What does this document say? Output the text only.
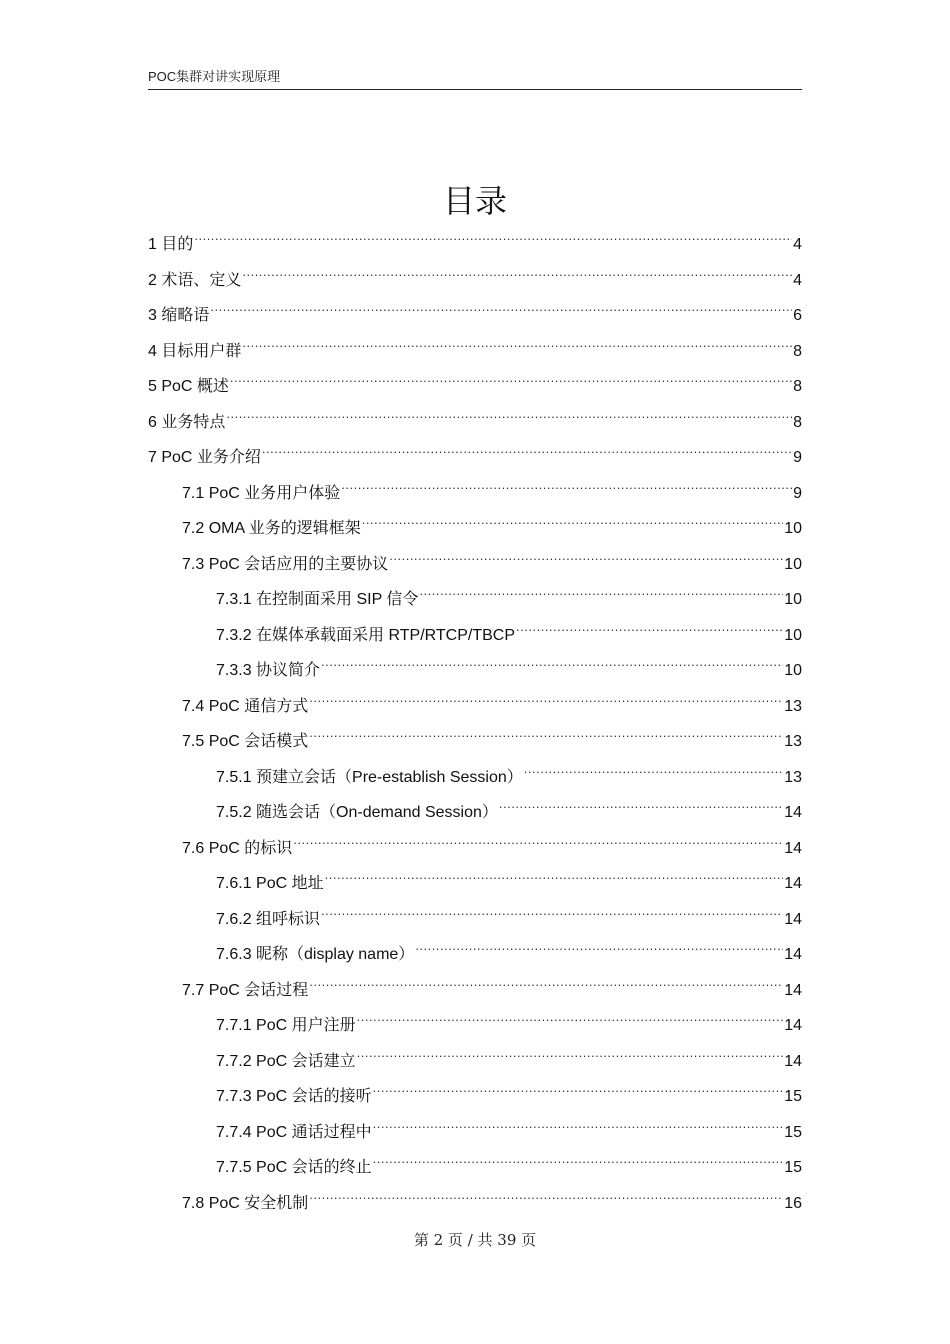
POC集群对讲实现原理
目录
1 目的 .....	4
2 术语、定义 .....	4
3 缩略语 .....	6
4 目标用户群 .....	8
5 PoC 概述 .....	8
6 业务特点 .....	8
7 PoC 业务介绍 .....	9
7.1 PoC 业务用户体验 .....	9
7.2 OMA 业务的逻辑框架 .....	10
7.3 PoC 会话应用的主要协议 .....	10
7.3.1 在控制面采用 SIP 信令 .....	10
7.3.2 在媒体承载面采用 RTP/RTCP/TBCP .....	10
7.3.3 协议简介 .....	10
7.4 PoC 通信方式 .....	13
7.5 PoC 会话模式 .....	13
7.5.1 预建立会话（Pre-establish Session） .....	13
7.5.2 随选会话（On-demand Session） .....	14
7.6 PoC 的标识 .....	14
7.6.1 PoC 地址 .....	14
7.6.2 组呼标识 .....	14
7.6.3 昵称（display name） .....	14
7.7 PoC 会话过程 .....	14
7.7.1 PoC 用户注册 .....	14
7.7.2 PoC 会话建立 .....	14
7.7.3 PoC 会话的接听 .....	15
7.7.4 PoC 通话过程中 .....	15
7.7.5 PoC 会话的终止 .....	15
7.8 PoC 安全机制 .....	16
第 2 页 / 共 39 页
